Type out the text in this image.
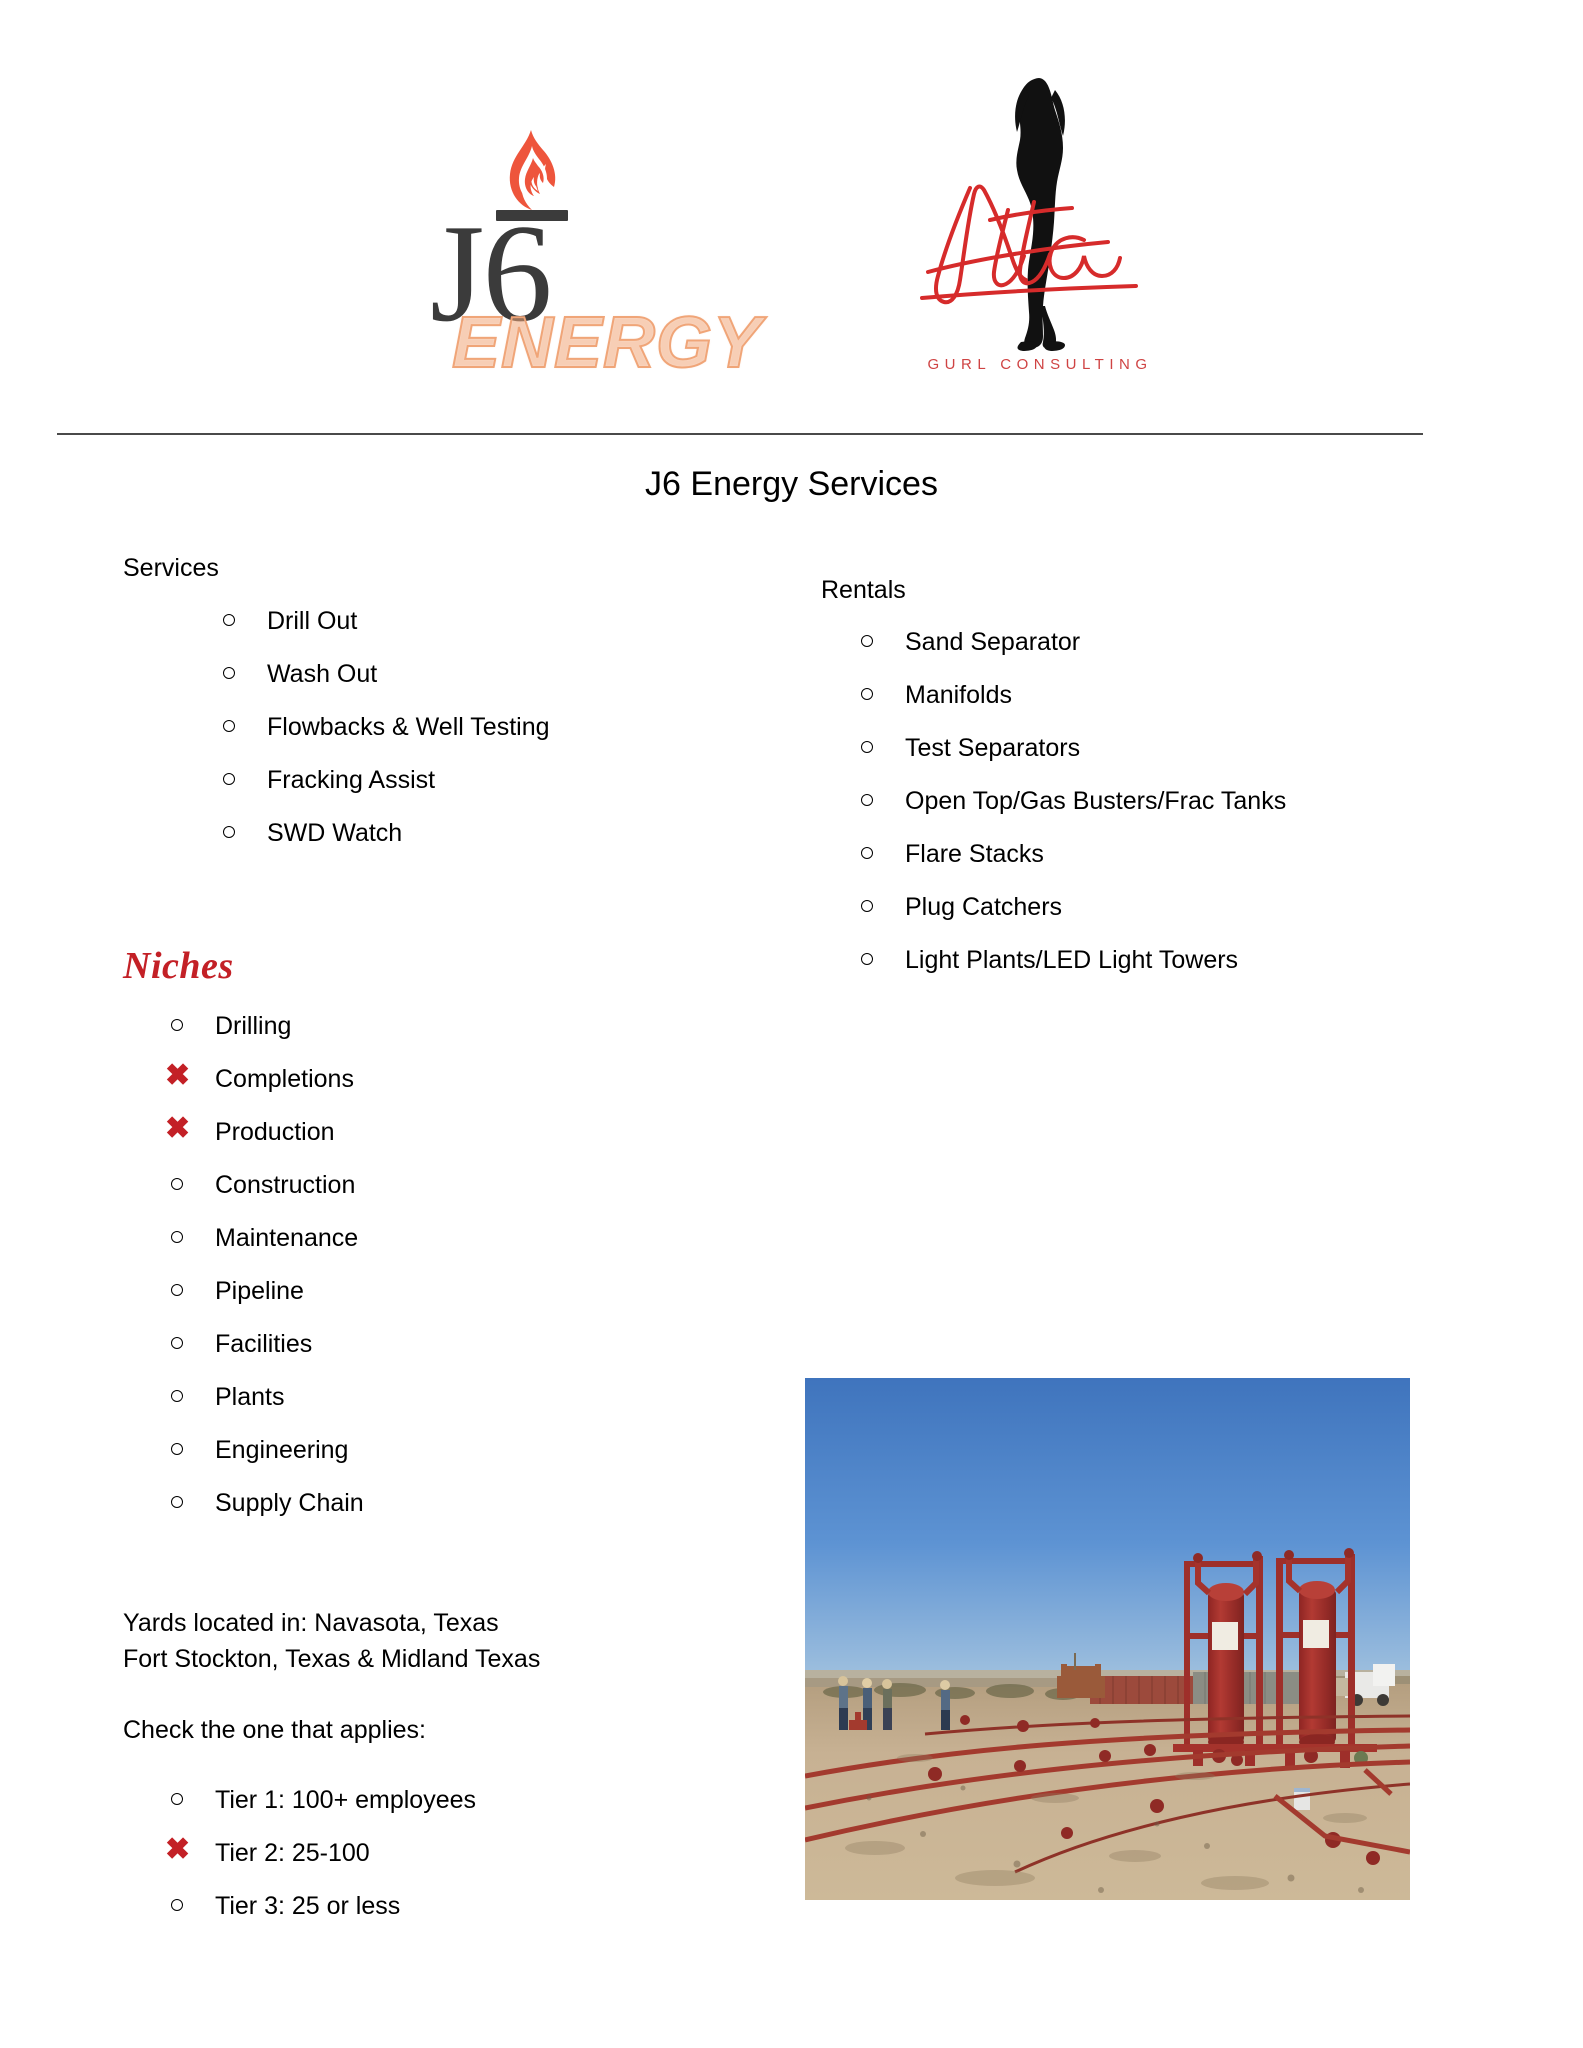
J6
ENERGY	GURL CONSULTING
J6 Energy Services
Services
Drill Out
Wash Out
Flowbacks & Well Testing
Fracking Assist
SWD Watch
Rentals
Sand Separator
Manifolds
Test Separators
Open Top/Gas Busters/Frac Tanks
Flare Stacks
Plug Catchers
Light Plants/LED Light Towers
Niches
Drilling
✖ Completions
✖ Production
Construction
Maintenance
Pipeline
Facilities
Plants
Engineering
Supply Chain
Yards located in: Navasota, Texas
Fort Stockton, Texas & Midland Texas
Check the one that applies:
Tier 1: 100+ employees
✖ Tier 2: 25-100
Tier 3: 25 or less
